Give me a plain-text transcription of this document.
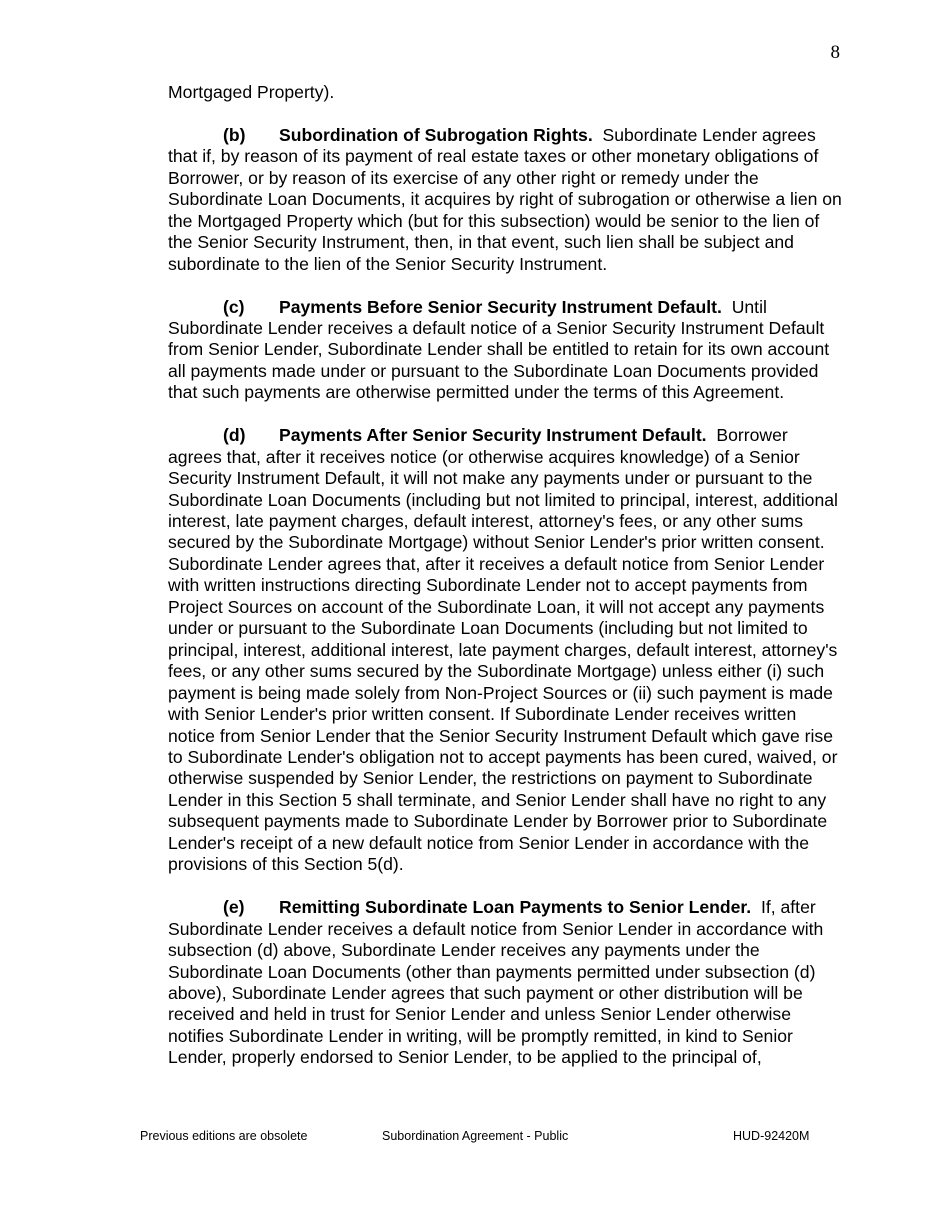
8

Mortgaged Property).

(b) Subordination of Subrogation Rights. Subordinate Lender agrees that if, by reason of its payment of real estate taxes or other monetary obligations of Borrower, or by reason of its exercise of any other right or remedy under the Subordinate Loan Documents, it acquires by right of subrogation or otherwise a lien on the Mortgaged Property which (but for this subsection) would be senior to the lien of the Senior Security Instrument, then, in that event, such lien shall be subject and subordinate to the lien of the Senior Security Instrument.

(c) Payments Before Senior Security Instrument Default. Until Subordinate Lender receives a default notice of a Senior Security Instrument Default from Senior Lender, Subordinate Lender shall be entitled to retain for its own account all payments made under or pursuant to the Subordinate Loan Documents provided that such payments are otherwise permitted under the terms of this Agreement.

(d) Payments After Senior Security Instrument Default. Borrower agrees that, after it receives notice (or otherwise acquires knowledge) of a Senior Security Instrument Default, it will not make any payments under or pursuant to the Subordinate Loan Documents (including but not limited to principal, interest, additional interest, late payment charges, default interest, attorney's fees, or any other sums secured by the Subordinate Mortgage) without Senior Lender's prior written consent. Subordinate Lender agrees that, after it receives a default notice from Senior Lender with written instructions directing Subordinate Lender not to accept payments from Project Sources on account of the Subordinate Loan, it will not accept any payments under or pursuant to the Subordinate Loan Documents (including but not limited to principal, interest, additional interest, late payment charges, default interest, attorney's fees, or any other sums secured by the Subordinate Mortgage) unless either (i) such payment is being made solely from Non-Project Sources or (ii) such payment is made with Senior Lender's prior written consent. If Subordinate Lender receives written notice from Senior Lender that the Senior Security Instrument Default which gave rise to Subordinate Lender's obligation not to accept payments has been cured, waived, or otherwise suspended by Senior Lender, the restrictions on payment to Subordinate Lender in this Section 5 shall terminate, and Senior Lender shall have no right to any subsequent payments made to Subordinate Lender by Borrower prior to Subordinate Lender's receipt of a new default notice from Senior Lender in accordance with the provisions of this Section 5(d).

(e) Remitting Subordinate Loan Payments to Senior Lender. If, after Subordinate Lender receives a default notice from Senior Lender in accordance with subsection (d) above, Subordinate Lender receives any payments under the Subordinate Loan Documents (other than payments permitted under subsection (d) above), Subordinate Lender agrees that such payment or other distribution will be received and held in trust for Senior Lender and unless Senior Lender otherwise notifies Subordinate Lender in writing, will be promptly remitted, in kind to Senior Lender, properly endorsed to Senior Lender, to be applied to the principal of,

Previous editions are obsolete	Subordination Agreement - Public	HUD-92420M
